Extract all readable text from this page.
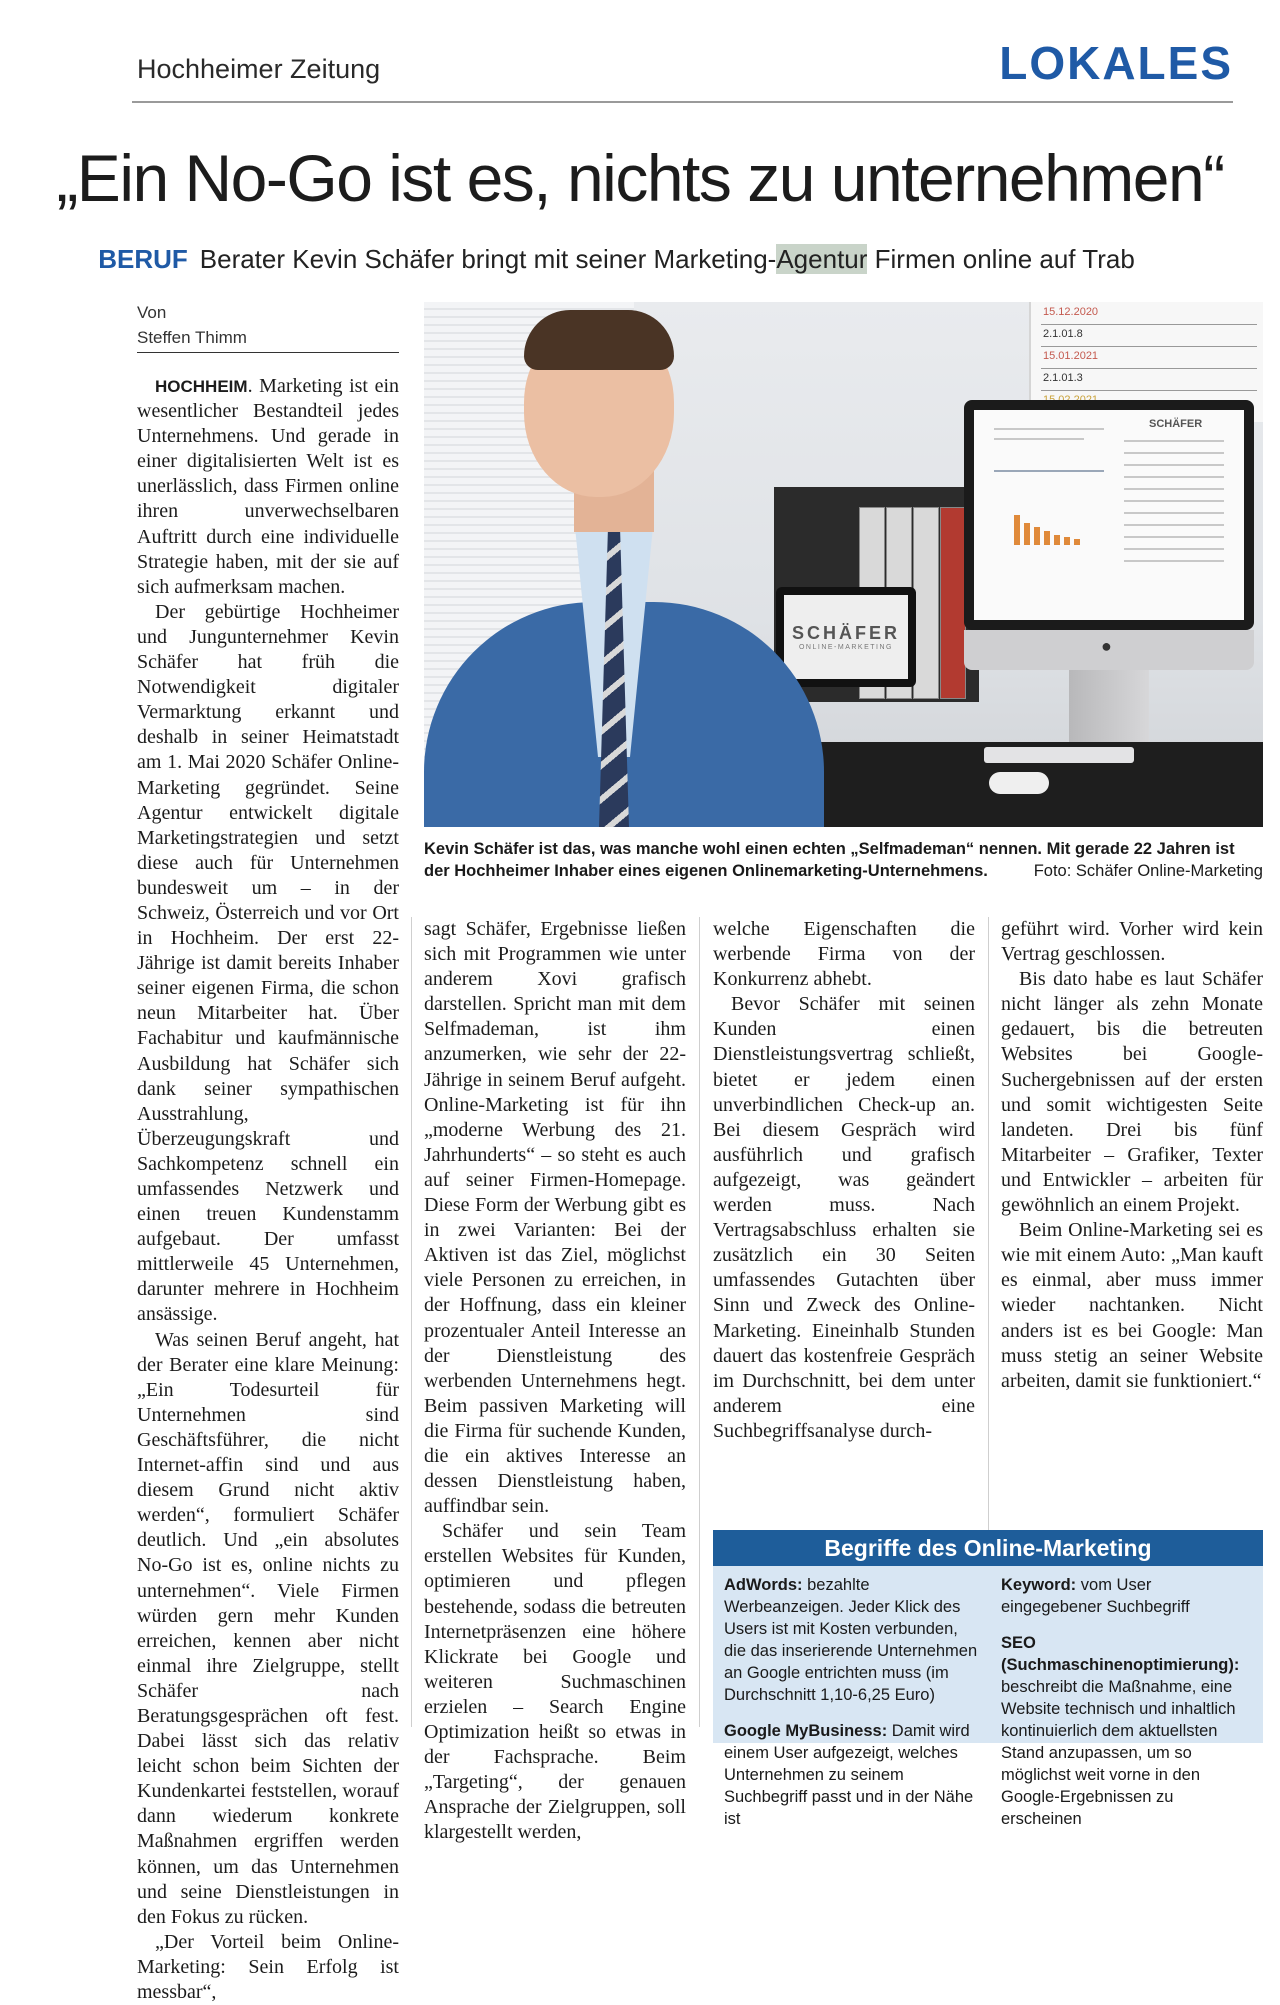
Hochheimer Zeitung	LOKALES
„Ein No-Go ist es, nichts zu unternehmen“
BERUF Berater Kevin Schäfer bringt mit seiner Marketing-Agentur Firmen online auf Trab
Von
Steffen Thimm

HOCHHEIM. Marketing ist ein wesentlicher Bestandteil jedes Unternehmens. Und gerade in einer digitalisierten Welt ist es unerlässlich, dass Firmen online ihren unverwechselbaren Auftritt durch eine individuelle Strategie haben, mit der sie auf sich aufmerksam machen.

Der gebürtige Hochheimer und Jungunternehmer Kevin Schäfer hat früh die Notwendigkeit digitaler Vermarktung erkannt und deshalb in seiner Heimatstadt am 1. Mai 2020 Schäfer Online-Marketing gegründet. Seine Agentur entwickelt digitale Marketingstrategien und setzt diese auch für Unternehmen bundesweit um – in der Schweiz, Österreich und vor Ort in Hochheim. Der erst 22-Jährige ist damit bereits Inhaber seiner eigenen Firma, die schon neun Mitarbeiter hat. Über Fachabitur und kaufmännische Ausbildung hat Schäfer sich dank seiner sympathischen Ausstrahlung, Überzeugungskraft und Sachkompetenz schnell ein umfassendes Netzwerk und einen treuen Kundenstamm aufgebaut. Der umfasst mittlerweile 45 Unternehmen, darunter mehrere in Hochheim ansässige.

Was seinen Beruf angeht, hat der Berater eine klare Meinung: „Ein Todesurteil für Unternehmen sind Geschäftsführer, die nicht Internet-affin sind und aus diesem Grund nicht aktiv werden“, formuliert Schäfer deutlich. Und „ein absolutes No-Go ist es, online nichts zu unternehmen“. Viele Firmen würden gern mehr Kunden erreichen, kennen aber nicht einmal ihre Zielgruppe, stellt Schäfer nach Beratungsgesprächen oft fest. Dabei lässt sich das relativ leicht schon beim Sichten der Kundenkartei feststellen, worauf dann wiederum konkrete Maßnahmen ergriffen werden können, um das Unternehmen und seine Dienstleistungen in den Fokus zu rücken.

„Der Vorteil beim Online-Marketing: Sein Erfolg ist messbar“,

15.12.2020
2.1.01.8
15.01.2021
2.1.01.3
SCHÄFER
ONLINE-MARKETING
SCHÄFER
●
Kevin Schäfer ist das, was manche wohl einen echten „Selfmademan“ nennen. Mit gerade 22 Jahren ist der Hochheimer Inhaber eines eigenen Onlinemarketing-Unternehmens.	Foto: Schäfer Online-Marketing

sagt Schäfer, Ergebnisse ließen sich mit Programmen wie unter anderem Xovi grafisch darstellen. Spricht man mit dem Selfmademan, ist ihm anzumerken, wie sehr der 22-Jährige in seinem Beruf aufgeht. Online-Marketing ist für ihn „moderne Werbung des 21. Jahrhunderts“ – so steht es auch auf seiner Firmen-Homepage. Diese Form der Werbung gibt es in zwei Varianten: Bei der Aktiven ist das Ziel, möglichst viele Personen zu erreichen, in der Hoffnung, dass ein kleiner prozentualer Anteil Interesse an der Dienstleistung des werbenden Unternehmens hegt. Beim passiven Marketing will die Firma für suchende Kunden, die ein aktives Interesse an dessen Dienstleistung haben, auffindbar sein.

Schäfer und sein Team erstellen Websites für Kunden, optimieren und pflegen bestehende, sodass die betreuten Internetpräsenzen eine höhere Klickrate bei Google und weiteren Suchmaschinen erzielen – Search Engine Optimization heißt so etwas in der Fachsprache. Beim „Targeting“, der genauen Ansprache der Zielgruppen, soll klargestellt werden,

welche Eigenschaften die werbende Firma von der Konkurrenz abhebt.

Bevor Schäfer mit seinen Kunden einen Dienstleistungsvertrag schließt, bietet er jedem einen unverbindlichen Check-up an. Bei diesem Gespräch wird ausführlich und grafisch aufgezeigt, was geändert werden muss. Nach Vertragsabschluss erhalten sie zusätzlich ein 30 Seiten umfassendes Gutachten über Sinn und Zweck des Online-Marketing. Eineinhalb Stunden dauert das kostenfreie Gespräch im Durchschnitt, bei dem unter anderem eine Suchbegriffsanalyse durch-

geführt wird. Vorher wird kein Vertrag geschlossen.

Bis dato habe es laut Schäfer nicht länger als zehn Monate gedauert, bis die betreuten Websites bei Google-Suchergebnissen auf der ersten und somit wichtigesten Seite landeten. Drei bis fünf Mitarbeiter – Grafiker, Texter und Entwickler – arbeiten für gewöhnlich an einem Projekt.

Beim Online-Marketing sei es wie mit einem Auto: „Man kauft es einmal, aber muss immer wieder nachtanken. Nicht anders ist es bei Google: Man muss stetig an seiner Website arbeiten, damit sie funktioniert.“

Begriffe des Online-Marketing

AdWords: bezahlte Werbeanzeigen. Jeder Klick des Users ist mit Kosten verbunden, die das inserierende Unternehmen an Google entrichten muss (im Durchschnitt 1,10-6,25 Euro)

Google MyBusiness: Damit wird einem User aufgezeigt, welches Unternehmen zu seinem Suchbegriff passt und in der Nähe ist

Keyword: vom User eingegebener Suchbegriff

SEO (Suchmaschinenoptimierung): beschreibt die Maßnahme, eine Website technisch und inhaltlich kontinuierlich dem aktuellsten Stand anzupassen, um so möglichst weit vorne in den Google-Ergebnissen zu erscheinen
